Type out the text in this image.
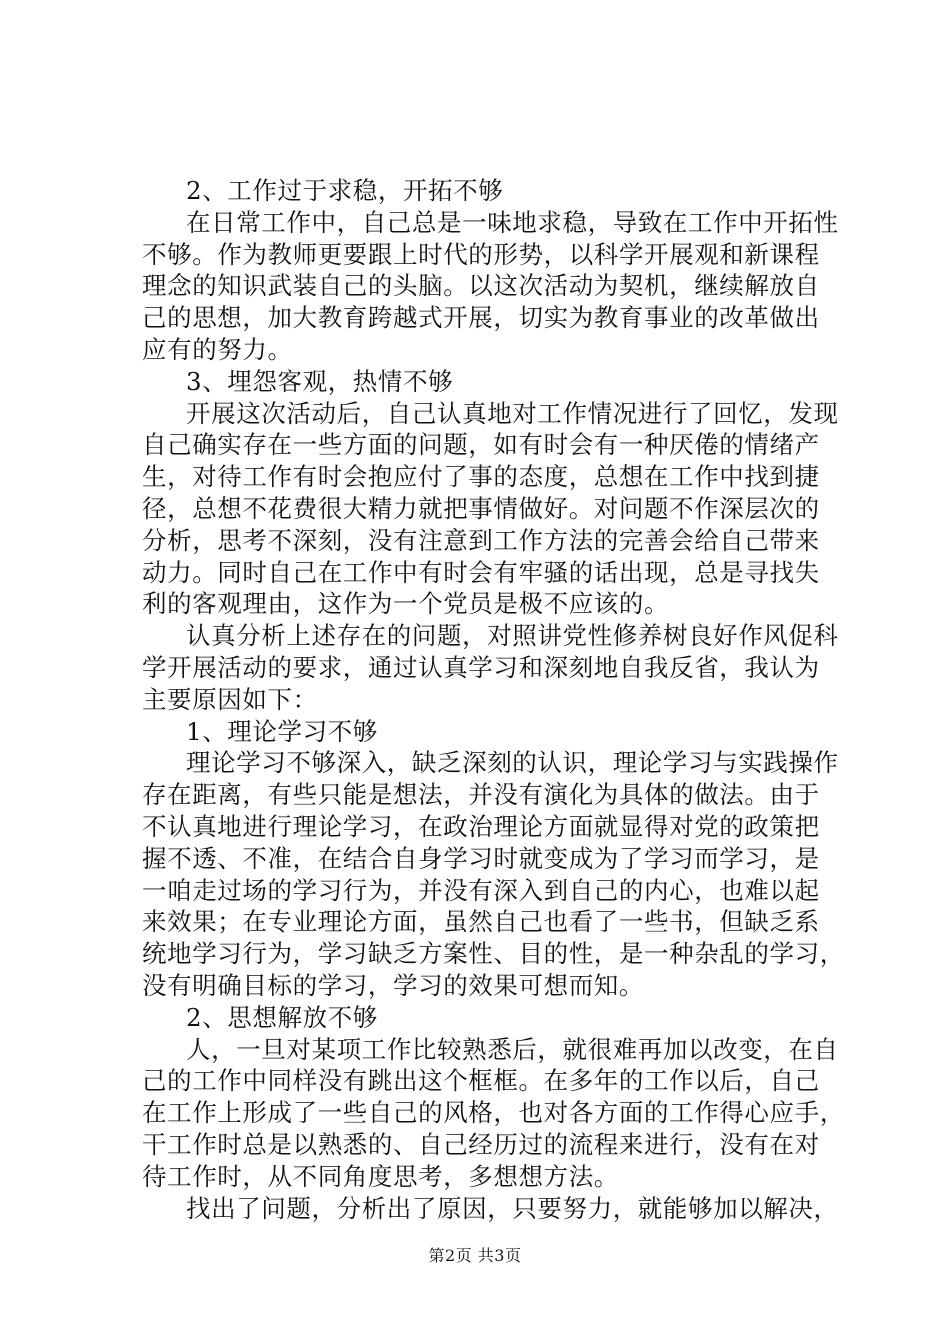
2、工作过于求稳，开拓不够
在日常工作中，自己总是一味地求稳，导致在工作中开拓性
不够。作为教师更要跟上时代的形势，以科学开展观和新课程
理念的知识武装自己的头脑。以这次活动为契机，继续解放自
己的思想，加大教育跨越式开展，切实为教育事业的改革做出
应有的努力。
3、埋怨客观，热情不够
开展这次活动后，自己认真地对工作情况进行了回忆，发现
自己确实存在一些方面的问题，如有时会有一种厌倦的情绪产
生，对待工作有时会抱应付了事的态度，总想在工作中找到捷
径，总想不花费很大精力就把事情做好。对问题不作深层次的
分析，思考不深刻，没有注意到工作方法的完善会给自己带来
动力。同时自己在工作中有时会有牢骚的话出现，总是寻找失
利的客观理由，这作为一个党员是极不应该的。
认真分析上述存在的问题，对照讲党性修养树良好作风促科
学开展活动的要求，通过认真学习和深刻地自我反省，我认为
主要原因如下：
1、理论学习不够
理论学习不够深入，缺乏深刻的认识，理论学习与实践操作
存在距离，有些只能是想法，并没有演化为具体的做法。由于
不认真地进行理论学习，在政治理论方面就显得对党的政策把
握不透、不准，在结合自身学习时就变成为了学习而学习，是
一咱走过场的学习行为，并没有深入到自己的内心，也难以起
来效果；在专业理论方面，虽然自己也看了一些书，但缺乏系
统地学习行为，学习缺乏方案性、目的性，是一种杂乱的学习，
没有明确目标的学习，学习的效果可想而知。
2、思想解放不够
人，一旦对某项工作比较熟悉后，就很难再加以改变，在自
己的工作中同样没有跳出这个框框。在多年的工作以后，自己
在工作上形成了一些自己的风格，也对各方面的工作得心应手，
干工作时总是以熟悉的、自己经历过的流程来进行，没有在对
待工作时，从不同角度思考，多想想方法。
找出了问题，分析出了原因，只要努力，就能够加以解决，
第2页 共3页
